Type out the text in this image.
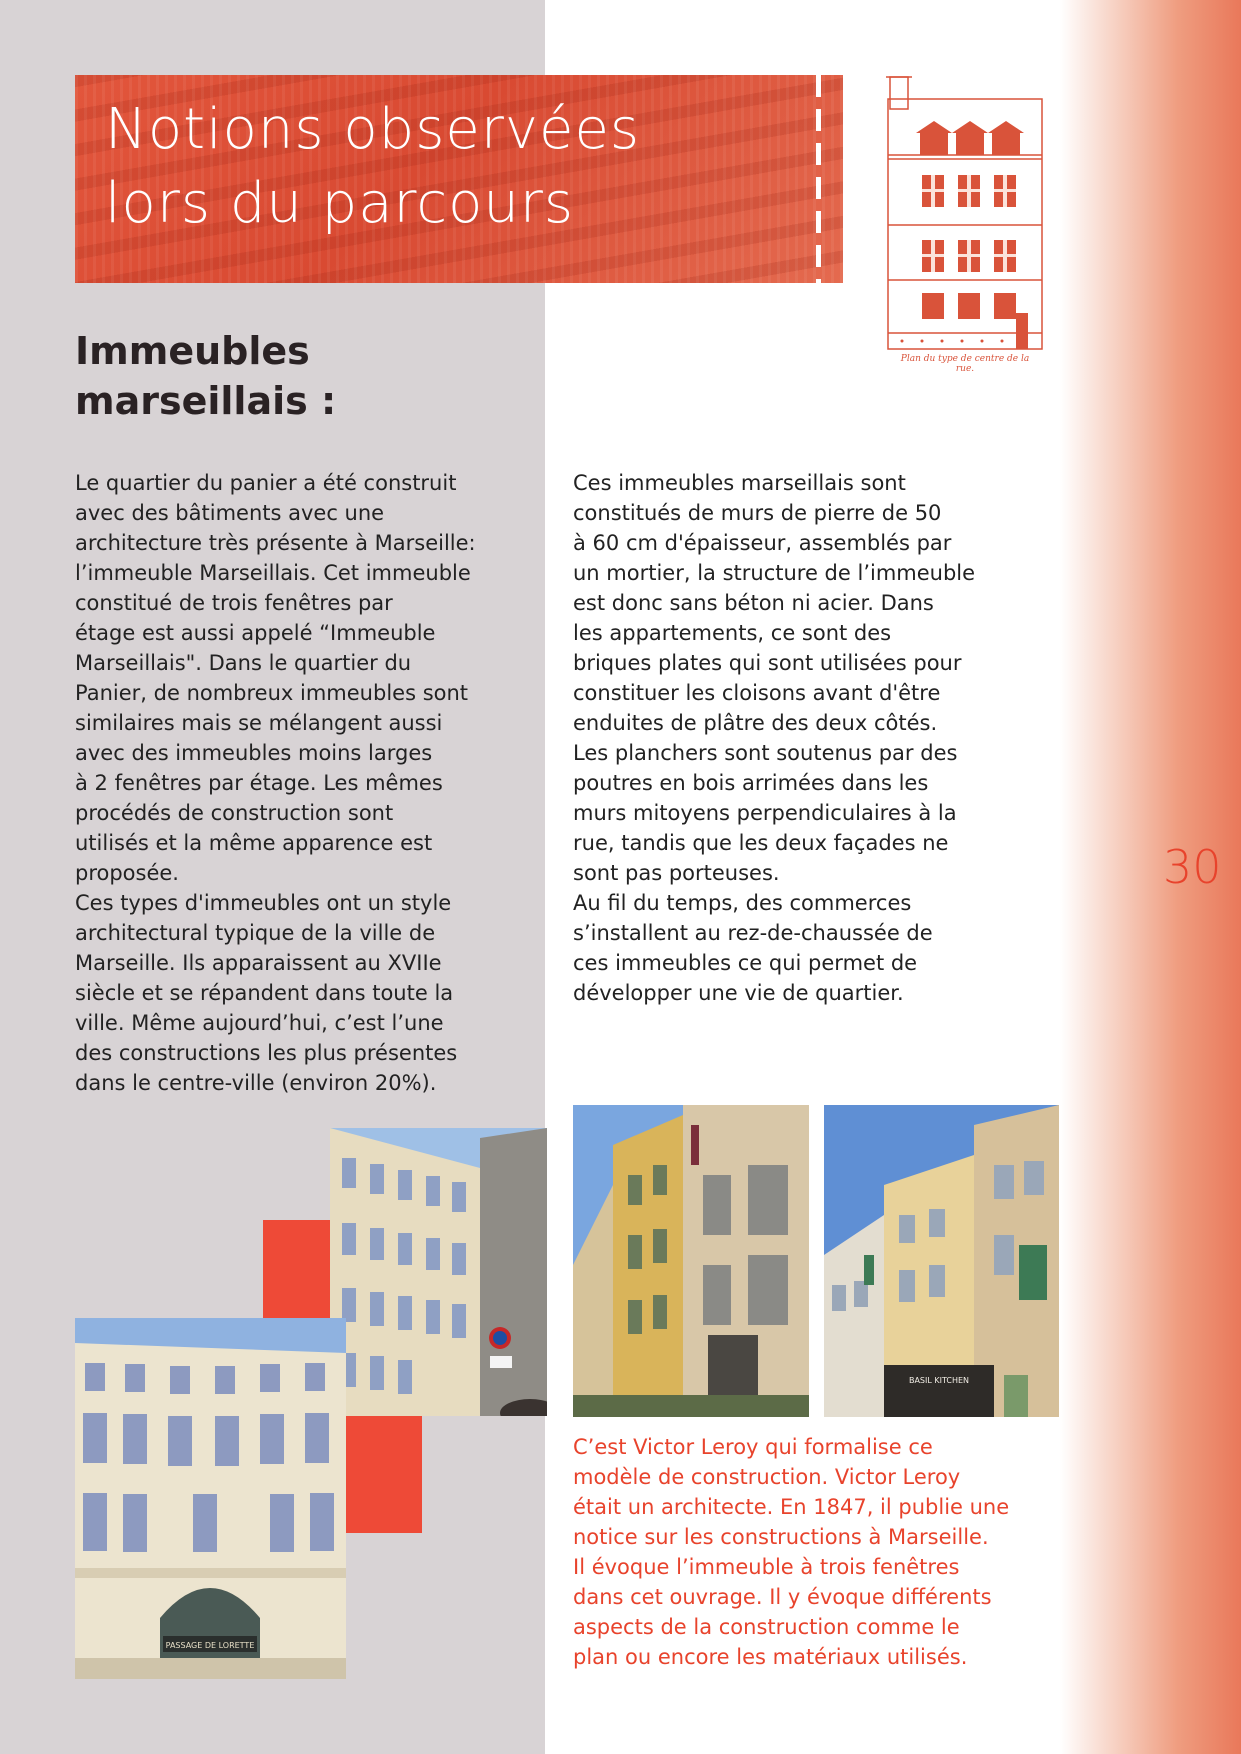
Notions observées
lors du parcours
Plan du type de centre de la rue.
Immeubles
marseillais :
Le quartier du panier a été construit
avec des bâtiments avec une
architecture très présente à Marseille:
l’immeuble Marseillais. Cet immeuble
constitué de trois fenêtres par
étage est aussi appelé “Immeuble
Marseillais". Dans le quartier du
Panier, de nombreux immeubles sont
similaires mais se mélangent aussi
avec des immeubles moins larges
à 2 fenêtres par étage. Les mêmes
procédés de construction sont
utilisés et la même apparence est
proposée.
Ces types d'immeubles ont un style
architectural typique de la ville de
Marseille. Ils apparaissent au XVIIe
siècle et se répandent dans toute la
ville. Même aujourd’hui, c’est l’une
des constructions les plus présentes
dans le centre-ville (environ 20%).
Ces immeubles marseillais sont
constitués de murs de pierre de 50
à 60 cm d'épaisseur, assemblés par
un mortier, la structure de l’immeuble
est donc sans béton ni acier. Dans
les appartements, ce sont des
briques plates qui sont utilisées pour
constituer les cloisons avant d'être
enduites de plâtre des deux côtés.
Les planchers sont soutenus par des
poutres en bois arrimées dans les
murs mitoyens perpendiculaires à la
rue, tandis que les deux façades ne
sont pas porteuses.
Au fil du temps, des commerces
s’installent au rez-de-chaussée de
ces immeubles ce qui permet de
développer une vie de quartier.
30
PASSAGE DE LORETTE
BASIL KITCHEN
C’est Victor Leroy qui formalise ce
modèle de construction. Victor Leroy
était un architecte. En 1847, il publie une
notice sur les constructions à Marseille.
Il évoque l’immeuble à trois fenêtres
dans cet ouvrage. Il y évoque différents
aspects de la construction comme le
plan ou encore les matériaux utilisés.
